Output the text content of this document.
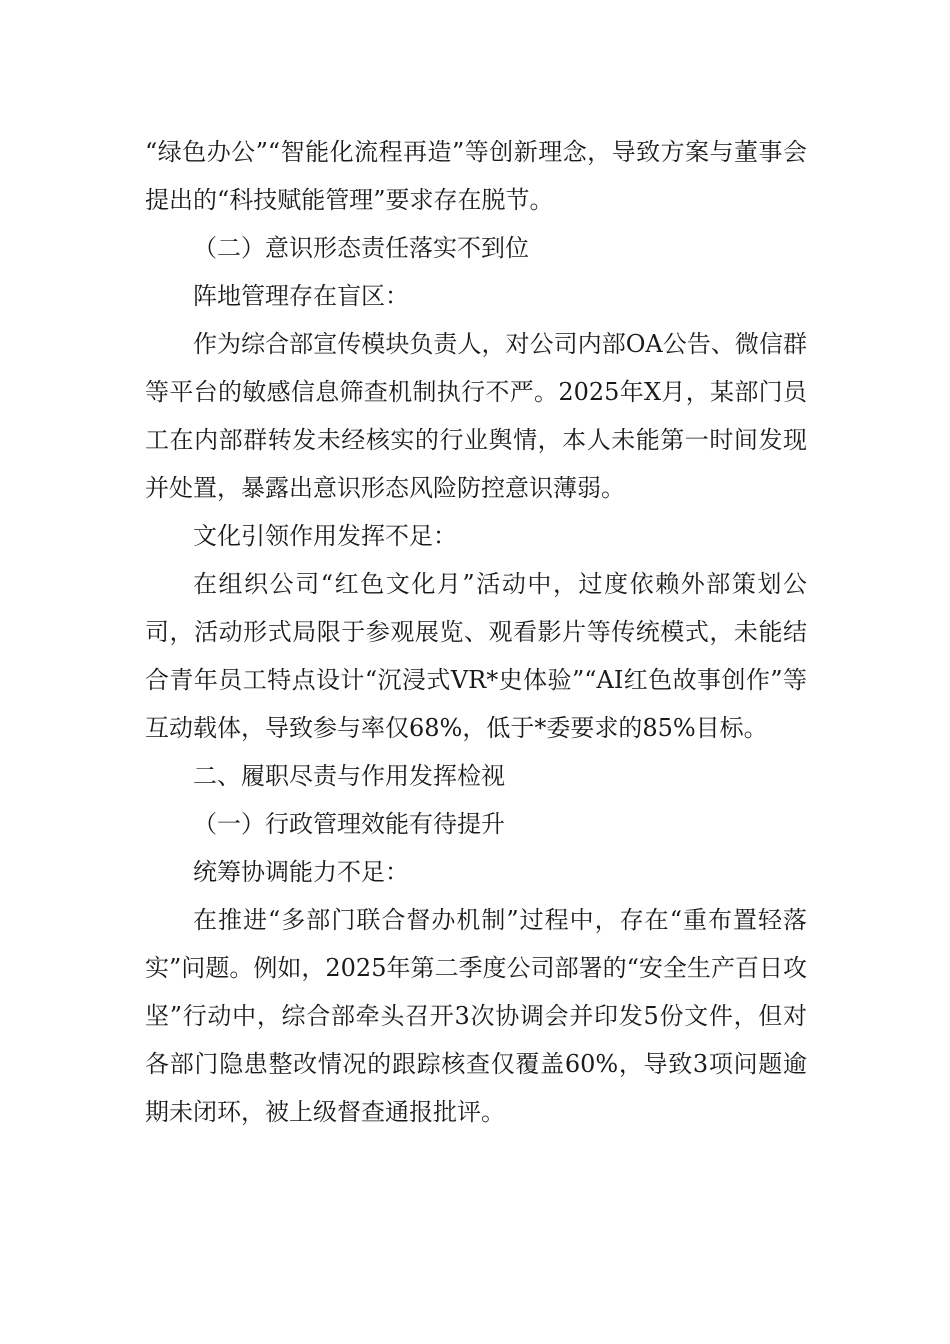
“绿色办公”“智能化流程再造”等创新理念，导致方案与董事会提出的“科技赋能管理”要求存在脱节。

（二）意识形态责任落实不到位

阵地管理存在盲区：

作为综合部宣传模块负责人，对公司内部OA公告、微信群等平台的敏感信息筛查机制执行不严。2025年X月，某部门员工在内部群转发未经核实的行业舆情，本人未能第一时间发现并处置，暴露出意识形态风险防控意识薄弱。

文化引领作用发挥不足：

在组织公司“红色文化月”活动中，过度依赖外部策划公司，活动形式局限于参观展览、观看影片等传统模式，未能结合青年员工特点设计“沉浸式VR*史体验”“AI红色故事创作”等互动载体，导致参与率仅68%，低于*委要求的85%目标。

二、履职尽责与作用发挥检视

（一）行政管理效能有待提升

统筹协调能力不足：

在推进“多部门联合督办机制”过程中，存在“重布置轻落实”问题。例如，2025年第二季度公司部署的“安全生产百日攻坚”行动中，综合部牵头召开3次协调会并印发5份文件，但对各部门隐患整改情况的跟踪核查仅覆盖60%，导致3项问题逾期未闭环，被上级督查通报批评。
